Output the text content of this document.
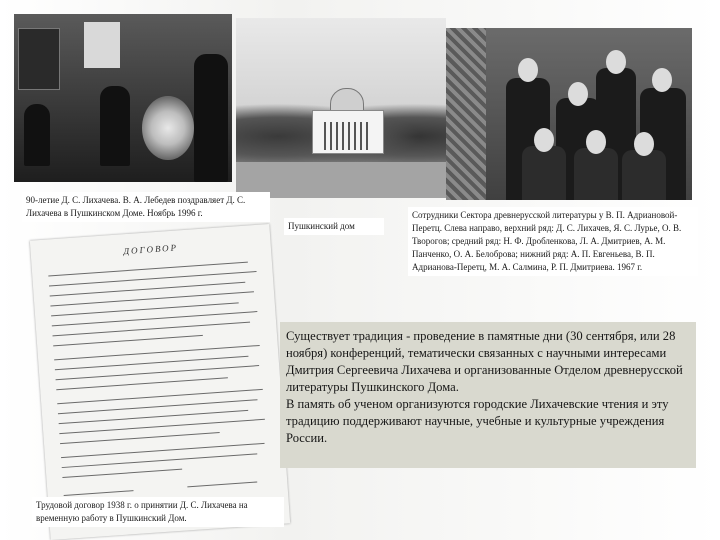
ДОГОВОР
90-летие Д. С. Лихачева. В. А. Лебедев поздравляет Д. С. Лихачева в Пушкинском Доме. Ноябрь 1996 г.
Пушкинский дом
Сотрудники Сектора древнерусской литературы у В. П. Адриановой-Перетц. Слева направо, верхний ряд: Д. С. Лихачев, Я. С. Лурье, О. В. Творогов; средний ряд: Н. Ф. Дробленкова, Л. А. Дмитриев, А. М. Панченко, О. А. Белоброва; нижний ряд: А. П. Евгеньева, В. П. Адрианова-Перетц, М. А. Салмина, Р. П. Дмитриева. 1967 г.
Трудовой договор 1938 г. о принятии Д. С. Лихачева на временную работу в Пушкинский Дом.
Существует традиция - проведение в памятные дни (30 сентября, или 28 ноября) конференций, тематически связанных с научными интересами Дмитрия Сергеевича Лихачева и организованные Отделом древнерусской литературы Пушкинского Дома.
В память об ученом организуются городские Лихачевские чтения и эту традицию поддерживают научные, учебные и культурные учреждения России.
